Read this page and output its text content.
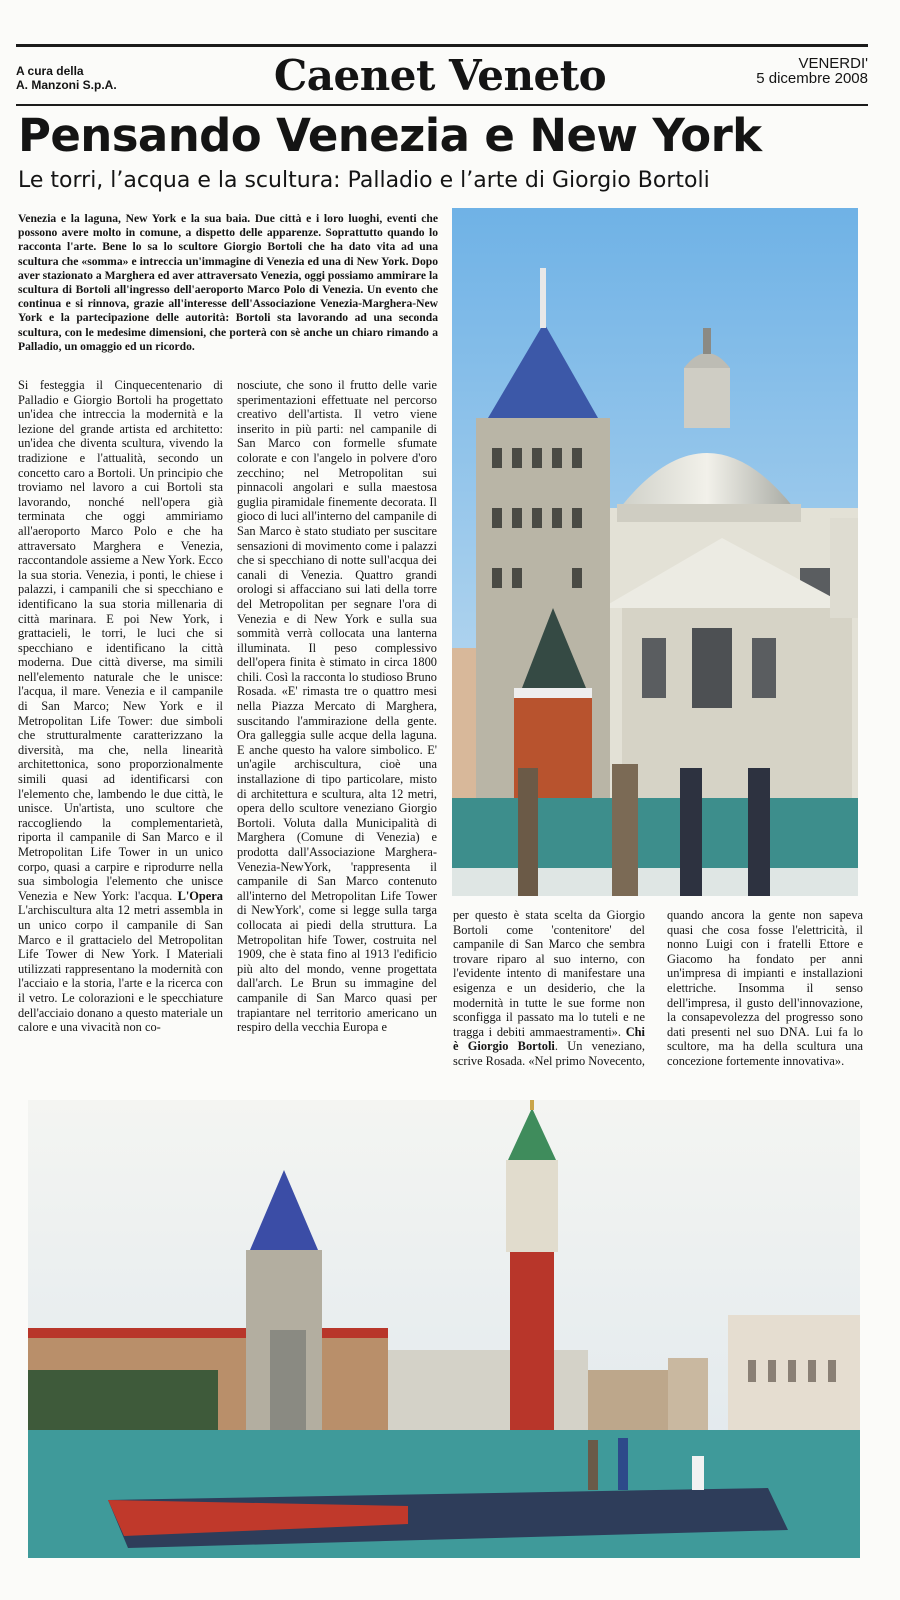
A cura della
A. Manzoni S.p.A.	Caenet Veneto	VENERDI'
5 dicembre 2008
Pensando Venezia e New York
Le torri, l’acqua e la scultura: Palladio e l’arte di Giorgio Bortoli

Venezia e la laguna, New York e la sua baia. Due città e i loro luoghi, eventi che possono avere molto in comune, a dispetto delle apparenze. Soprattutto quando lo racconta l'arte. Bene lo sa lo scultore Giorgio Bortoli che ha dato vita ad una scultura che «somma» e intreccia un'immagine di Venezia ed una di New York. Dopo aver stazionato a Marghera ed aver attraversato Venezia, oggi possiamo ammirare la scultura di Bortoli all'ingresso dell'aeroporto Marco Polo di Venezia. Un evento che continua e si rinnova, grazie all'interesse dell'Associazione Venezia-Marghera-New York e la partecipazione delle autorità: Bortoli sta lavorando ad una seconda scultura, con le medesime dimensioni, che porterà con sè anche un chiaro rimando a Palladio, un omaggio ed un ricordo.

Si festeggia il Cinquecentenario di Palladio e Giorgio Bortoli ha progettato un'idea che intreccia la modernità e la lezione del grande artista ed architetto: un'idea che diventa scultura, vivendo la tradizione e l'attualità, secondo un concetto caro a Bortoli. Un principio che troviamo nel lavoro a cui Bortoli sta lavorando, nonché nell'opera già terminata che oggi ammiriamo all'aeroporto Marco Polo e che ha attraversato Marghera e Venezia, raccontandole assieme a New York. Ecco la sua storia. Venezia, i ponti, le chiese i palazzi, i campanili che si specchiano e identificano la sua storia millenaria di città marinara. E poi New York, i grattacieli, le torri, le luci che si specchiano e identificano la città moderna. Due città diverse, ma simili nell'elemento naturale che le unisce: l'acqua, il mare. Venezia e il campanile di San Marco; New York e il Metropolitan Life Tower: due simboli che strutturalmente caratterizzano la diversità, ma che, nella linearità architettonica, sono proporzionalmente simili quasi ad identificarsi con l'elemento che, lambendo le due città, le unisce. Un'artista, uno scultore che raccogliendo la complementarietà, riporta il campanile di San Marco e il Metropolitan Life Tower in un unico corpo, quasi a carpire e riprodurre nella sua simbologia l'elemento che unisce Venezia e New York: l'acqua. L'Opera L'archiscultura alta 12 metri assembla in un unico corpo il campanile di San Marco e il grattacielo del Metropolitan Life Tower di New York. I Materiali utilizzati rappresentano la modernità con l'acciaio e la storia, l'arte e la ricerca con il vetro. Le colorazioni e le specchiature dell'acciaio donano a questo materiale un calore e una vivacità non co-

nosciute, che sono il frutto delle varie sperimentazioni effettuate nel percorso creativo dell'artista. Il vetro viene inserito in più parti: nel campanile di San Marco con formelle sfumate colorate e con l'angelo in polvere d'oro zecchino; nel Metropolitan sui pinnacoli angolari e sulla maestosa guglia piramidale finemente decorata. Il gioco di luci all'interno del campanile di San Marco è stato studiato per suscitare sensazioni di movimento come i palazzi che si specchiano di notte sull'acqua dei canali di Venezia. Quattro grandi orologi si affacciano sui lati della torre del Metropolitan per segnare l'ora di Venezia e di New York e sulla sua sommità verrà collocata una lanterna illuminata. Il peso complessivo dell'opera finita è stimato in circa 1800 chili. Così la racconta lo studioso Bruno Rosada. «E' rimasta tre o quattro mesi nella Piazza Mercato di Marghera, suscitando l'ammirazione della gente. Ora galleggia sulle acque della laguna. E anche questo ha valore simbolico. E' un'agile archiscultura, cioè una installazione di tipo particolare, misto di architettura e scultura, alta 12 metri, opera dello scultore veneziano Giorgio Bortoli. Voluta dalla Municipalità di Marghera (Comune di Venezia) e prodotta dall'Associazione Marghera-Venezia-NewYork, 'rappresenta il campanile di San Marco contenuto all'interno del Metropolitan Life Tower di NewYork', come si legge sulla targa collocata ai piedi della struttura. La Metropolitan hife Tower, costruita nel 1909, che è stata fino al 1913 l'edificio più alto del mondo, venne progettata dall'arch. Le Brun su immagine del campanile di San Marco quasi per trapiantare nel territorio americano un respiro della vecchia Europa e

per questo è stata scelta da Giorgio Bortoli come 'contenitore' del campanile di San Marco che sembra trovare riparo al suo interno, con l'evidente intento di manifestare una esigenza e un desiderio, che la modernità in tutte le sue forme non sconfigga il passato ma lo tuteli e ne tragga i debiti ammaestramenti». Chi è Giorgio Bortoli. Un veneziano, scrive Rosada. «Nel primo Novecento,

quando ancora la gente non sapeva quasi che cosa fosse l'elettricità, il nonno Luigi con i fratelli Ettore e Giacomo ha fondato per anni un'impresa di impianti e installazioni elettriche. Insomma il senso dell'impresa, il gusto dell'innovazione, la consapevolezza del progresso sono dati presenti nel suo DNA. Lui fa lo scultore, ma ha della scultura una concezione fortemente innovativa».
